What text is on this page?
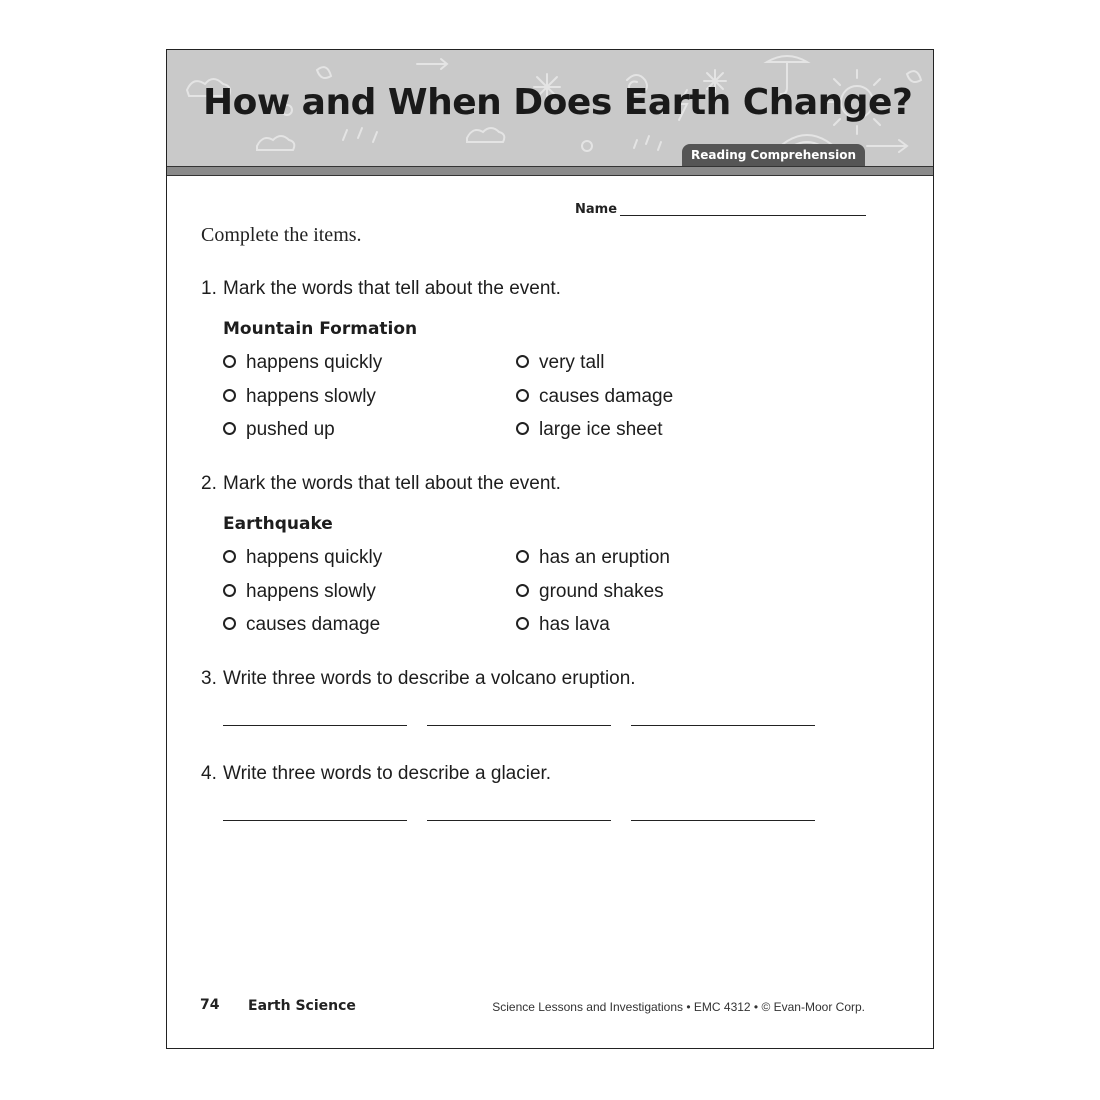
How and When Does Earth Change?
Reading Comprehension
Name
Complete the items.
1. Mark the words that tell about the event.
Mountain Formation
happens quickly
happens slowly
pushed up
very tall
causes damage
large ice sheet
2. Mark the words that tell about the event.
Earthquake
happens quickly
happens slowly
causes damage
has an eruption
ground shakes
has lava
3. Write three words to describe a volcano eruption.
4. Write three words to describe a glacier.
74 Earth Science	Science Lessons and Investigations • EMC 4312 • © Evan-Moor Corp.
